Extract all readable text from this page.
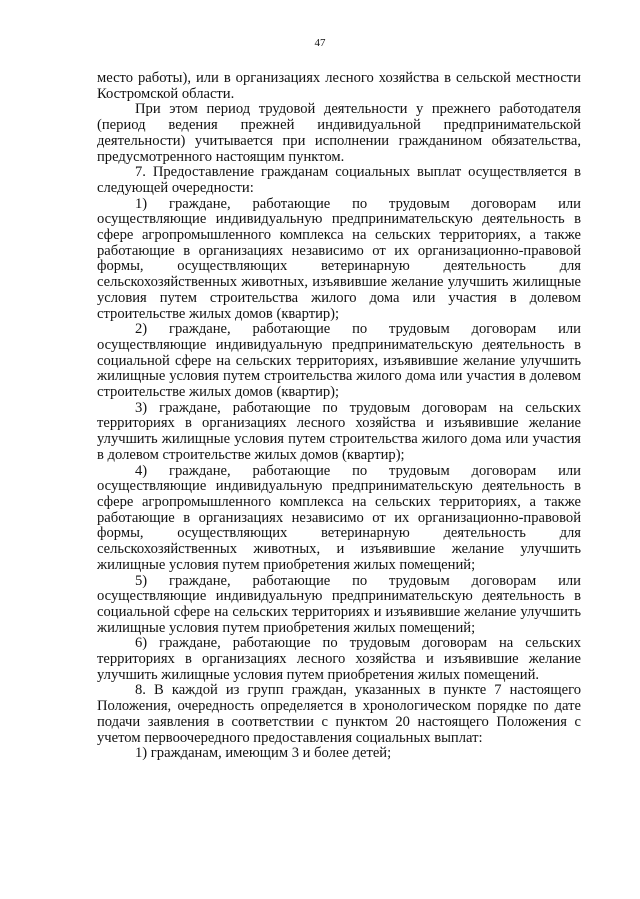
47

место работы), или в организациях лесного хозяйства в сельской местности Костромской области.

При этом период трудовой деятельности у прежнего работодателя (период ведения прежней индивидуальной предпринимательской деятельности) учитывается при исполнении гражданином обязательства, предусмотренного настоящим пунктом.

7. Предоставление гражданам социальных выплат осуществляется в следующей очередности:

1) граждане, работающие по трудовым договорам или осуществляющие индивидуальную предпринимательскую деятельность в сфере агропромышленного комплекса на сельских территориях, а также работающие в организациях независимо от их организационно-правовой формы, осуществляющих ветеринарную деятельность для сельскохозяйственных животных, изъявившие желание улучшить жилищные условия путем строительства жилого дома или участия в долевом строительстве жилых домов (квартир);

2) граждане, работающие по трудовым договорам или осуществляющие индивидуальную предпринимательскую деятельность в социальной сфере на сельских территориях, изъявившие желание улучшить жилищные условия путем строительства жилого дома или участия в долевом строительстве жилых домов (квартир);

3) граждане, работающие по трудовым договорам на сельских территориях в организациях лесного хозяйства и изъявившие желание улучшить жилищные условия путем строительства жилого дома или участия в долевом строительстве жилых домов (квартир);

4) граждане, работающие по трудовым договорам или осуществляющие индивидуальную предпринимательскую деятельность в сфере агропромышленного комплекса на сельских территориях, а также работающие в организациях независимо от их организационно-правовой формы, осуществляющих ветеринарную деятельность для сельскохозяйственных животных, и изъявившие желание улучшить жилищные условия путем приобретения жилых помещений;

5) граждане, работающие по трудовым договорам или осуществляющие индивидуальную предпринимательскую деятельность в социальной сфере на сельских территориях и изъявившие желание улучшить жилищные условия путем приобретения жилых помещений;

6) граждане, работающие по трудовым договорам на сельских территориях в организациях лесного хозяйства и изъявившие желание улучшить жилищные условия путем приобретения жилых помещений.

8. В каждой из групп граждан, указанных в пункте 7 настоящего Положения, очередность определяется в хронологическом порядке по дате подачи заявления в соответствии с пунктом 20 настоящего Положения с учетом первоочередного предоставления социальных выплат:

1) гражданам, имеющим 3 и более детей;
